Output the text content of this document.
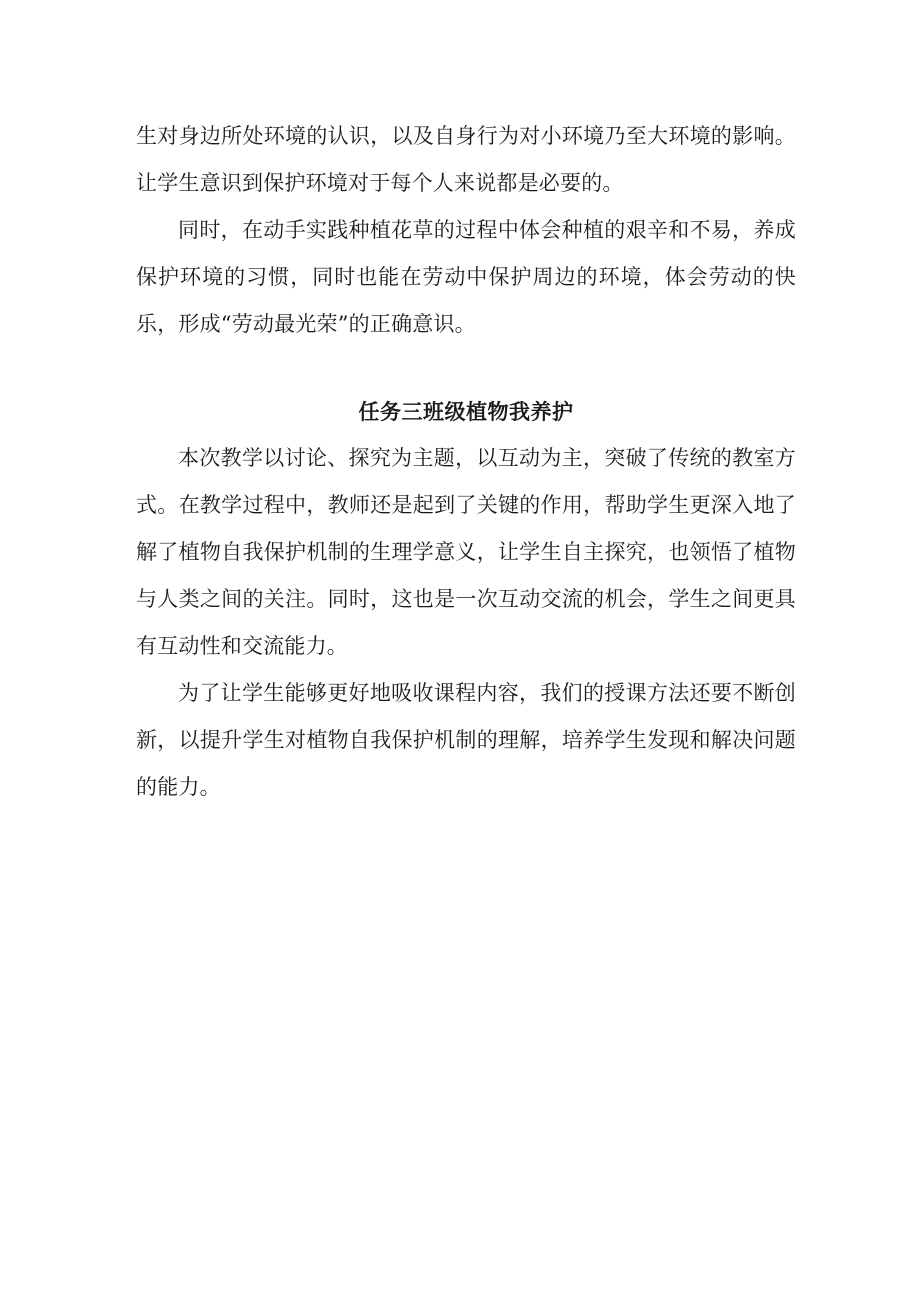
生对身边所处环境的认识，以及自身行为对小环境乃至大环境的影响。让学生意识到保护环境对于每个人来说都是必要的。

同时，在动手实践种植花草的过程中体会种植的艰辛和不易，养成保护环境的习惯，同时也能在劳动中保护周边的环境，体会劳动的快乐，形成“劳动最光荣”的正确意识。

任务三班级植物我养护

本次教学以讨论、探究为主题，以互动为主，突破了传统的教室方式。在教学过程中，教师还是起到了关键的作用，帮助学生更深入地了解了植物自我保护机制的生理学意义，让学生自主探究，也领悟了植物与人类之间的关注。同时，这也是一次互动交流的机会，学生之间更具有互动性和交流能力。

为了让学生能够更好地吸收课程内容，我们的授课方法还要不断创新，以提升学生对植物自我保护机制的理解，培养学生发现和解决问题的能力。
